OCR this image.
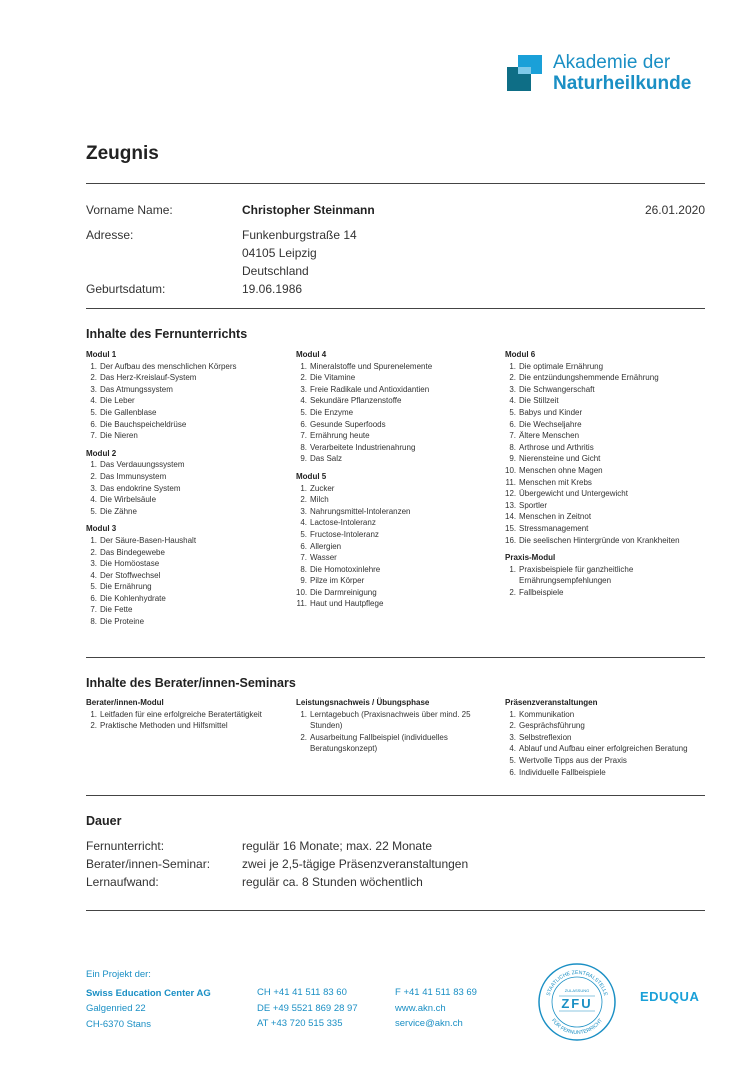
Akademie der
Naturheilkunde
Zeugnis
Vorname Name:	Christopher Steinmann	26.01.2020
Adresse:	Funkenburgstraße 14
04105 Leipzig
Deutschland
Geburtsdatum:	19.06.1986
Inhalte des Fernunterrichts
Modul 1
1. Der Aufbau des menschlichen Körpers
2. Das Herz-Kreislauf-System
3. Das Atmungssystem
4. Die Leber
5. Die Gallenblase
6. Die Bauchspeicheldrüse
7. Die Nieren
Modul 2
1. Das Verdauungssystem
2. Das Immunsystem
3. Das endokrine System
4. Die Wirbelsäule
5. Die Zähne
Modul 3
1. Der Säure-Basen-Haushalt
2. Das Bindegewebe
3. Die Homöostase
4. Der Stoffwechsel
5. Die Ernährung
6. Die Kohlenhydrate
7. Die Fette
8. Die Proteine
Modul 4
1. Mineralstoffe und Spurenelemente
2. Die Vitamine
3. Freie Radikale und Antioxidantien
4. Sekundäre Pflanzenstoffe
5. Die Enzyme
6. Gesunde Superfoods
7. Ernährung heute
8. Verarbeitete Industrienahrung
9. Das Salz
Modul 5
1. Zucker
2. Milch
3. Nahrungsmittel-Intoleranzen
4. Lactose-Intoleranz
5. Fructose-Intoleranz
6. Allergien
7. Wasser
8. Die Homotoxinlehre
9. Pilze im Körper
10. Die Darmreinigung
11. Haut und Hautpflege
Modul 6
1. Die optimale Ernährung
2. Die entzündungshemmende Ernährung
3. Die Schwangerschaft
4. Die Stillzeit
5. Babys und Kinder
6. Die Wechseljahre
7. Ältere Menschen
8. Arthrose und Arthritis
9. Nierensteine und Gicht
10. Menschen ohne Magen
11. Menschen mit Krebs
12. Übergewicht und Untergewicht
13. Sportler
14. Menschen in Zeitnot
15. Stressmanagement
16. Die seelischen Hintergründe von Krankheiten
Praxis-Modul
1. Praxisbeispiele für ganzheitliche Ernährungsempfehlungen
2. Fallbeispiele
Inhalte des Berater/innen-Seminars
Berater/innen-Modul
1. Leitfaden für eine erfolgreiche Beratertätigkeit
2. Praktische Methoden und Hilfsmittel
Leistungsnachweis / Übungsphase
1. Lerntagebuch (Praxisnachweis über mind. 25 Stunden)
2. Ausarbeitung Fallbeispiel (individuelles Beratungskonzept)
Präsenzveranstaltungen
1. Kommunikation
2. Gesprächsführung
3. Selbstreflexion
4. Ablauf und Aufbau einer erfolgreichen Beratung
5. Wertvolle Tipps aus der Praxis
6. Individuelle Fallbeispiele
Dauer
Fernunterricht:	regulär 16 Monate; max. 22 Monate
Berater/innen-Seminar:	zwei je 2,5-tägige Präsenzveranstaltungen
Lernaufwand:	regulär ca. 8 Stunden wöchentlich
Ein Projekt der:
Swiss Education Center AG
Galgenried 22
CH-6370 Stans
CH +41 41 511 83 60
DE +49 5521 869 28 97
AT +43 720 515 335
F +41 41 511 83 69
www.akn.ch
service@akn.ch
STAATLICHE ZENTRALSTELLE
FÜR FERNUNTERRICHT
ZULASSUNG
ZFU	EDUQUA
